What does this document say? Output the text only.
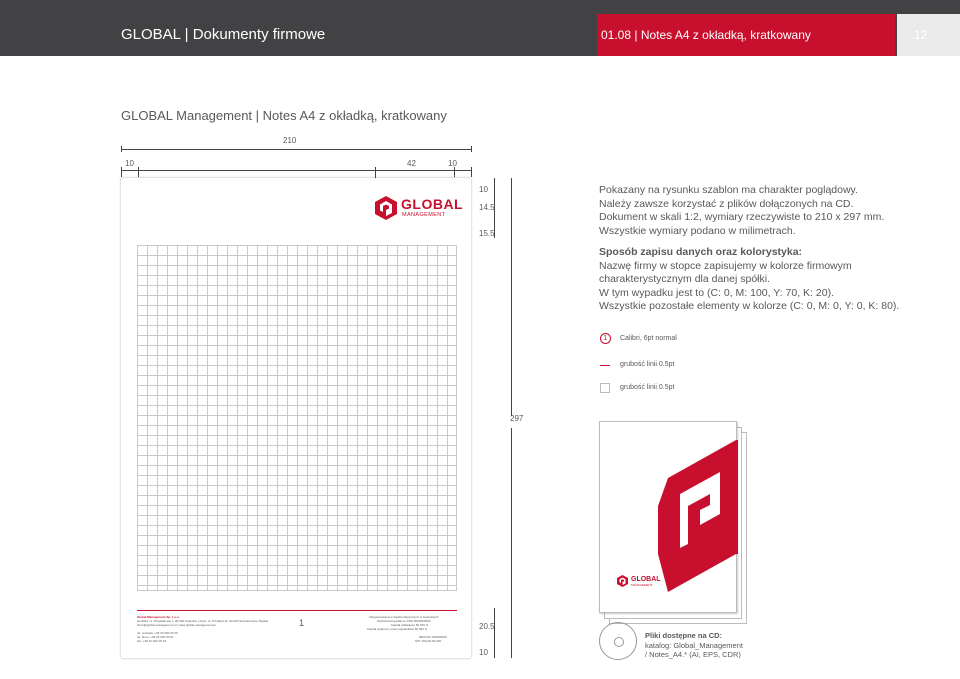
GLOBAL | Dokumenty firmowe	01.08 | Notes A4 z okładką, kratkowany	12
GLOBAL Management | Notes A4 z okładką, kratkowany
210
10	42	10
10
14.5
15.5
297
20.5
10
GLOBAL
MANAGEMENT
Global Management Sp. z o.o.
siedziba: ul. Przykładowa 1, 00-000 Katowice | biuro: ul. Przykład 11, 00-000 Siemianowice Śląskie
biuro@global-management.pl | www.global-management.pl
tel. centrala: +48 32 000 00 00
tel. biuro: +48 32 000 00 01
fax: +48 32 000 00 02
1
Zarejestrowana w Sądzie Rejonowym w Katowicach
Wydział Gospodarczy KRS 0000000000
Kapitał zakładowy 50 000 zł
Kapitał wpłacony przez wspólników 50 000 zł
REGON: 000000000
NIP: 000-00-00-000

Pokazany na rysunku szablon ma charakter poglądowy.

Należy zawsze korzystać z plików dołączonych na CD.

Dokument w skali 1:2, wymiary rzeczywiste to 210 x 297 mm.

Wszystkie wymiary podano w milimetrach.

Sposób zapisu danych oraz kolorystyka:

Nazwę firmy w stopce zapisujemy w kolorze firmowym

charakterystycznym dla danej spółki.

W tym wypadku jest to (C: 0, M: 100, Y: 70, K: 20).

Wszystkie pozostałe elementy w kolorze (C: 0, M: 0, Y: 0, K: 80).

1	Calibri, 6pt normal
grubość linii 0.5pt
grubość linii 0.5pt
GLOBAL
MANAGEMENT

Pliki dostępne na CD:

katalog: Global_Management

/ Notes_A4.* (AI, EPS, CDR)
